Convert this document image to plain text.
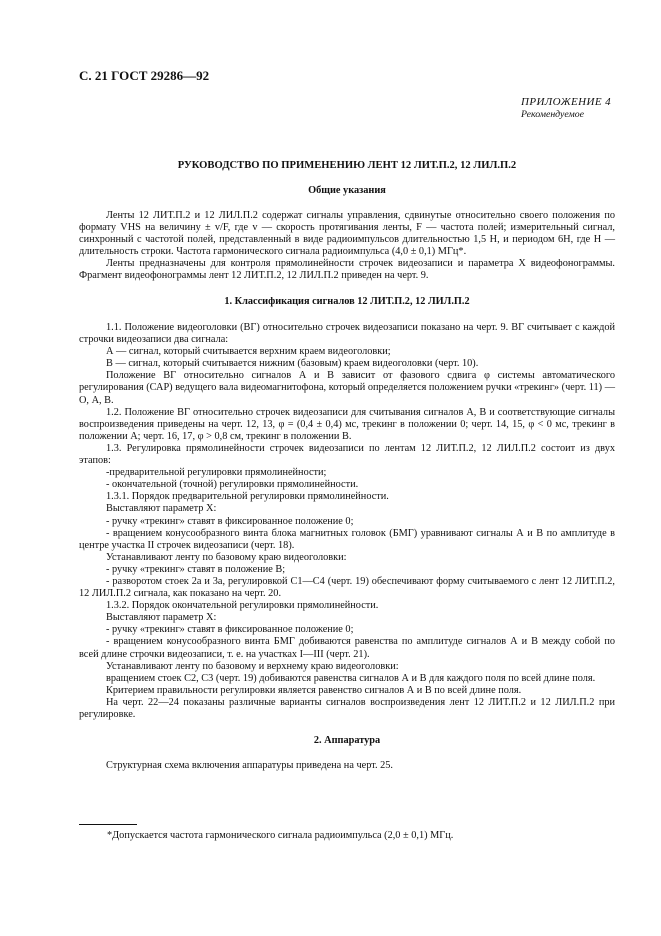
С. 21 ГОСТ 29286—92
ПРИЛОЖЕНИЕ 4
Рекомендуемое
РУКОВОДСТВО ПО ПРИМЕНЕНИЮ ЛЕНТ 12 ЛИТ.П.2, 12 ЛИЛ.П.2
Общие указания

Ленты 12 ЛИТ.П.2 и 12 ЛИЛ.П.2 содержат сигналы управления, сдвинутые относительно своего положения по формату VHS на величину ± v/F, где v — скорость протягивания ленты, F — частота полей; измерительный сигнал, синхронный с частотой полей, представленный в виде радиоимпульсов длительностью 1,5 H, и периодом 6H, где H — длительность строки. Частота гармонического сигнала радиоимпульса (4,0 ± 0,1) МГц*.

Ленты предназначены для контроля прямолинейности строчек видеозаписи и параметра X видеофонограммы. Фрагмент видеофонограммы лент 12 ЛИТ.П.2, 12 ЛИЛ.П.2 приведен на черт. 9.

1. Классификация сигналов 12 ЛИТ.П.2, 12 ЛИЛ.П.2

1.1. Положение видеоголовки (ВГ) относительно строчек видеозаписи показано на черт. 9. ВГ считывает с каждой строчки видеозаписи два сигнала:

А — сигнал, который считывается верхним краем видеоголовки;

В — сигнал, который считывается нижним (базовым) краем видеоголовки (черт. 10).

Положение ВГ относительно сигналов А и В зависит от фазового сдвига φ системы автоматического регулирования (САР) ведущего вала видеомагнитофона, который определяется положением ручки «трекинг» (черт. 11) — О, А, В.

1.2. Положение ВГ относительно строчек видеозаписи для считывания сигналов А, В и соответствующие сигналы воспроизведения приведены на черт. 12, 13, φ = (0,4 ± 0,4) мс, трекинг в положении 0; черт. 14, 15, φ < 0 мс, трекинг в положении А; черт. 16, 17, φ > 0,8 см, трекинг в положении В.

1.3. Регулировка прямолинейности строчек видеозаписи по лентам 12 ЛИТ.П.2, 12 ЛИЛ.П.2 состоит из двух этапов:

-предварительной регулировки прямолинейности;

- окончательной (точной) регулировки прямолинейности.

1.3.1. Порядок предварительной регулировки прямолинейности.

Выставляют параметр X:

- ручку «трекинг» ставят в фиксированное положение 0;

- вращением конусообразного винта блока магнитных головок (БМГ) уравнивают сигналы А и В по амплитуде в центре участка II строчек видеозаписи (черт. 18).

Устанавливают ленту по базовому краю видеоголовки:

- ручку «трекинг» ставят в положение В;

- разворотом стоек 2а и 3а, регулировкой С1—С4 (черт. 19) обеспечивают форму считываемого с лент 12 ЛИТ.П.2, 12 ЛИЛ.П.2 сигнала, как показано на черт. 20.

1.3.2. Порядок окончательной регулировки прямолинейности.

Выставляют параметр X:

- ручку «трекинг» ставят в фиксированное положение 0;

- вращением конусообразного винта БМГ добиваются равенства по амплитуде сигналов А и В между собой по всей длине строчки видеозаписи, т. е. на участках I—III (черт. 21).

Устанавливают ленту по базовому и верхнему краю видеоголовки:

вращением стоек С2, С3 (черт. 19) добиваются равенства сигналов А и В для каждого поля по всей длине поля.

Критерием правильности регулировки является равенство сигналов А и В по всей длине поля.

На черт. 22—24 показаны различные варианты сигналов воспроизведения лент 12 ЛИТ.П.2 и 12 ЛИЛ.П.2 при регулировке.

2. Аппаратура

Структурная схема включения аппаратуры приведена на черт. 25.

*Допускается частота гармонического сигнала радиоимпульса (2,0 ± 0,1) МГц.
